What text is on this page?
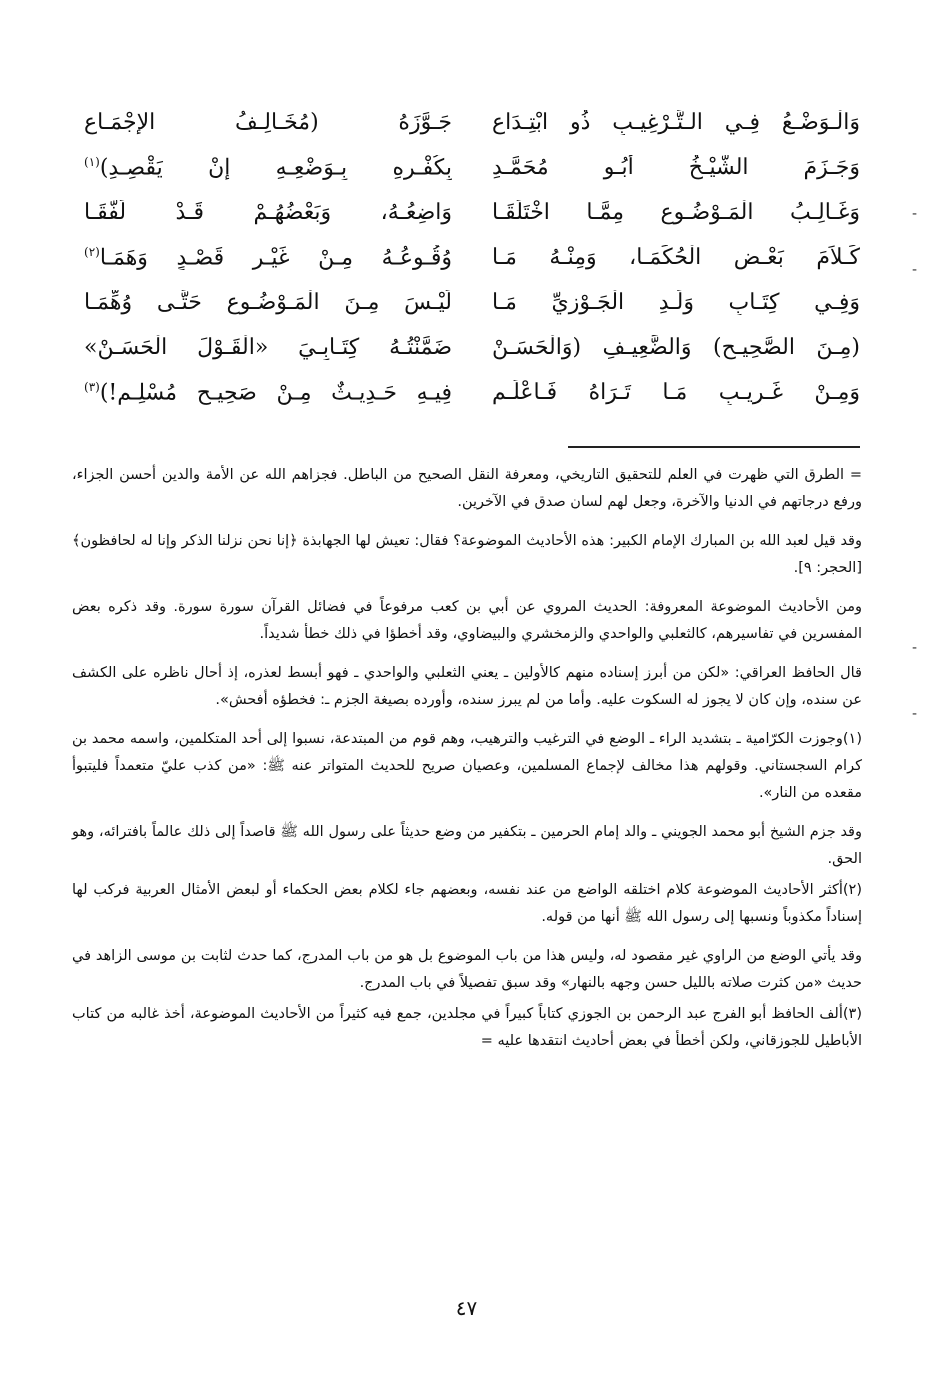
وَالْـوَضْـعُ فِـي الـتَّـرْغِيـبِ ذُو ابْتِـدَاع
جَـوَّزَهُ (مُخَـالِـفُ الإِجْمَـاع
وَجَـزَمَ الشَّيْـخُ أَبُـو مُحَمَّـدِ
بِكُفْـرِهِ بِـوَضْعِـهِ إِنْ يَقْصِـدِ)$^{(١)}$
وَغَـالِـبُ الْمَـوْضُـوعِ مِمَّـا اخْتَلَقَـا
وَاضِعُـهُ، وَبَعْضُهُـمْ قَـدْ لَفَّقَـا
كَـلاَمَ بَعْـضِ الْحُكَمَـا، وَمِنْـهُ مَـا
وُقُـوعُـهُ مِـنْ غَيْـرِ قَصْـدٍ وَهَمَـا$^{(٢)}$
وَفِـي كِتَـابِ وَلَـدِ الْجَـوْزِيِّ مَـا
لَيْـسَ مِـنَ الْمَـوْضُـوعِ حَتَّـى وُهِّمَـا
(مِـنَ الصَّحِيـحِ) وَالضَّعِيـفِ (وَالْحَسَـنْ
ضَمَّنْتُـهُ كِتَـابِـيَ «الْقَـوْلَ الْحَسَـنْ»
وَمِـنْ غَـرِيـبِ مَـا تَـرَاهُ فَـاعْلَـمِ
فِيـهِ حَـدِيـثٌ مِـنْ صَحِيـحِ مُسْلِـمِ!)$^{(٣)}$

= الطرق التي ظهرت في العلم للتحقيق التاريخي، ومعرفة النقل الصحيح من الباطل. فجزاهم الله عن الأمة والدين أحسن الجزاء، ورفع درجاتهم في الدنيا والآخرة، وجعل لهم لسان صدق في الآخرين.

وقد قيل لعبد الله بن المبارك الإمام الكبير: هذه الأحاديث الموضوعة؟ فقال: تعيش لها الجهابذة ﴿إنا نحن نزلنا الذكر وإنا له لحافظون﴾ [الحجر: ٩].

ومن الأحاديث الموضوعة المعروفة: الحديث المروي عن أبي بن كعب مرفوعاً في فضائل القرآن سورة سورة. وقد ذكره بعض المفسرين في تفاسيرهم، كالثعلبي والواحدي والزمخشري والبيضاوي، وقد أخطؤا في ذلك خطأ شديداً.

قال الحافظ العراقي: «لكن من أبرز إسناده منهم كالأولين ـ يعني الثعلبي والواحدي ـ فهو أبسط لعذره، إذ أحال ناظره على الكشف عن سنده، وإن كان لا يجوز له السكوت عليه. وأما من لم يبرز سنده، وأورده بصيغة الجزم ـ: فخطؤه أفحش».

(١)وجوزت الكرّامية ـ بتشديد الراء ـ الوضع في الترغيب والترهيب، وهم قوم من المبتدعة، نسبوا إلى أحد المتكلمين، واسمه محمد بن كرام السجستاني. وقولهم هذا مخالف لإجماع المسلمين، وعصيان صريح للحديث المتواتر عنه ﷺ: «من كذب عليّ متعمداً فليتبوأ مقعده من النار».

وقد جزم الشيخ أبو محمد الجويني ـ والد إمام الحرمين ـ بتكفير من وضع حديثاً على رسول الله ﷺ قاصداً إلى ذلك عالماً بافترائه، وهو الحق.

(٢)أكثر الأحاديث الموضوعة كلام اختلقه الواضع من عند نفسه، وبعضهم جاء لكلام بعض الحكماء أو لبعض الأمثال العربية فركب لها إسناداً مكذوباً ونسبها إلى رسول الله ﷺ أنها من قوله.

وقد يأتي الوضع من الراوي غير مقصود له، وليس هذا من باب الموضوع بل هو من باب المدرج، كما حدث لثابت بن موسى الزاهد في حديث «من كثرت صلاته بالليل حسن وجهه بالنهار» وقد سبق تفصيلاً في باب المدرج.

(٣)ألف الحافظ أبو الفرج عبد الرحمن بن الجوزي كتاباً كبيراً في مجلدين، جمع فيه كثيراً من الأحاديث الموضوعة، أخذ غالبه من كتاب الأباطيل للجوزقاني، ولكن أخطأ في بعض أحاديث انتقدها عليه =

-
-
-
-
٤٧
